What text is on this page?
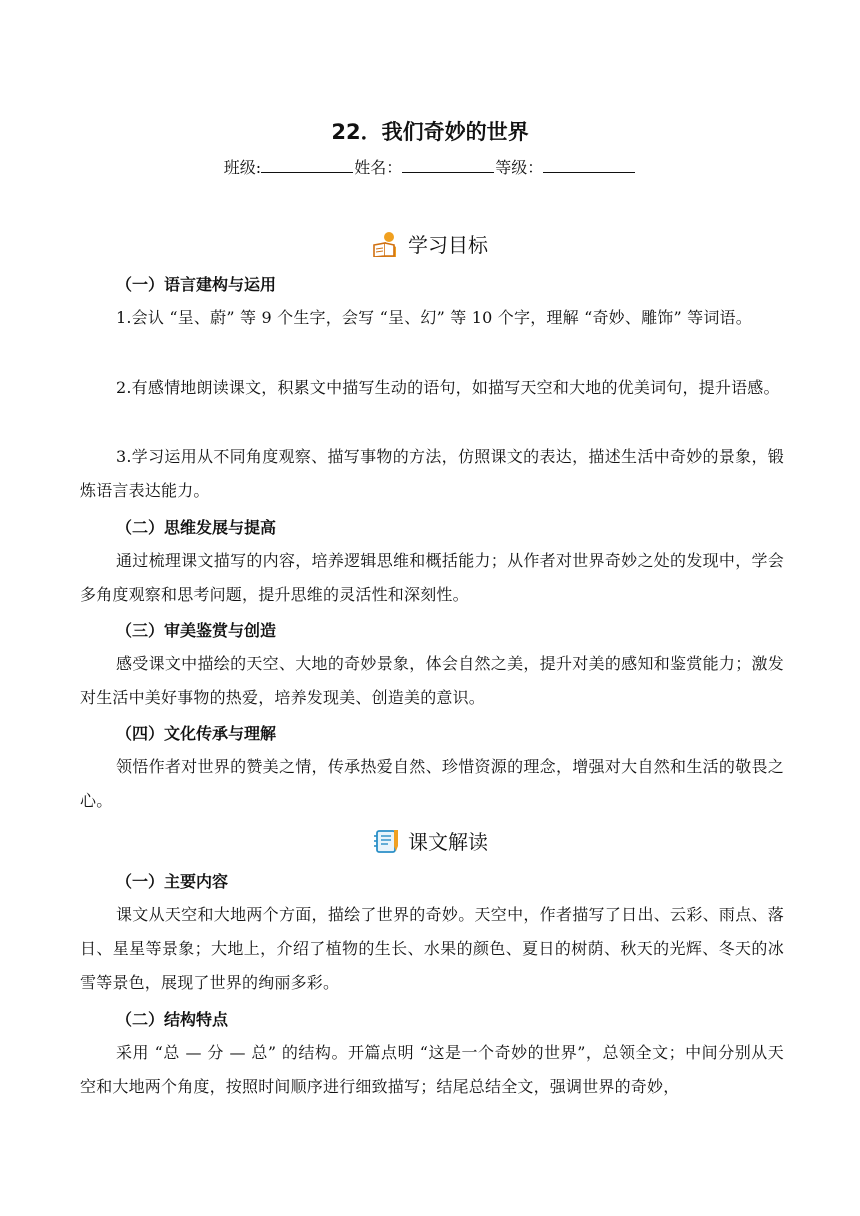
22．我们奇妙的世界
班级:	姓名：	等级：
学习目标
（一）语言建构与运用
1.会认 “呈、蔚” 等 9 个生字，会写 “呈、幻” 等 10 个字，理解 “奇妙、雕饰” 等词语。
2.有感情地朗读课文，积累文中描写生动的语句，如描写天空和大地的优美词句，提升语感。
3.学习运用从不同角度观察、描写事物的方法，仿照课文的表达，描述生活中奇妙的景象，锻炼语言表达能力。
（二）思维发展与提高
通过梳理课文描写的内容，培养逻辑思维和概括能力；从作者对世界奇妙之处的发现中，学会多角度观察和思考问题，提升思维的灵活性和深刻性。
（三）审美鉴赏与创造
感受课文中描绘的天空、大地的奇妙景象，体会自然之美，提升对美的感知和鉴赏能力；激发对生活中美好事物的热爱，培养发现美、创造美的意识。
（四）文化传承与理解
领悟作者对世界的赞美之情，传承热爱自然、珍惜资源的理念，增强对大自然和生活的敬畏之心。
课文解读
（一）主要内容
课文从天空和大地两个方面，描绘了世界的奇妙。天空中，作者描写了日出、云彩、雨点、落日、星星等景象；大地上，介绍了植物的生长、水果的颜色、夏日的树荫、秋天的光辉、冬天的冰雪等景色，展现了世界的绚丽多彩。
（二）结构特点
采用 “总 — 分 — 总” 的结构。开篇点明 “这是一个奇妙的世界”，总领全文；中间分别从天空和大地两个角度，按照时间顺序进行细致描写；结尾总结全文，强调世界的奇妙，
